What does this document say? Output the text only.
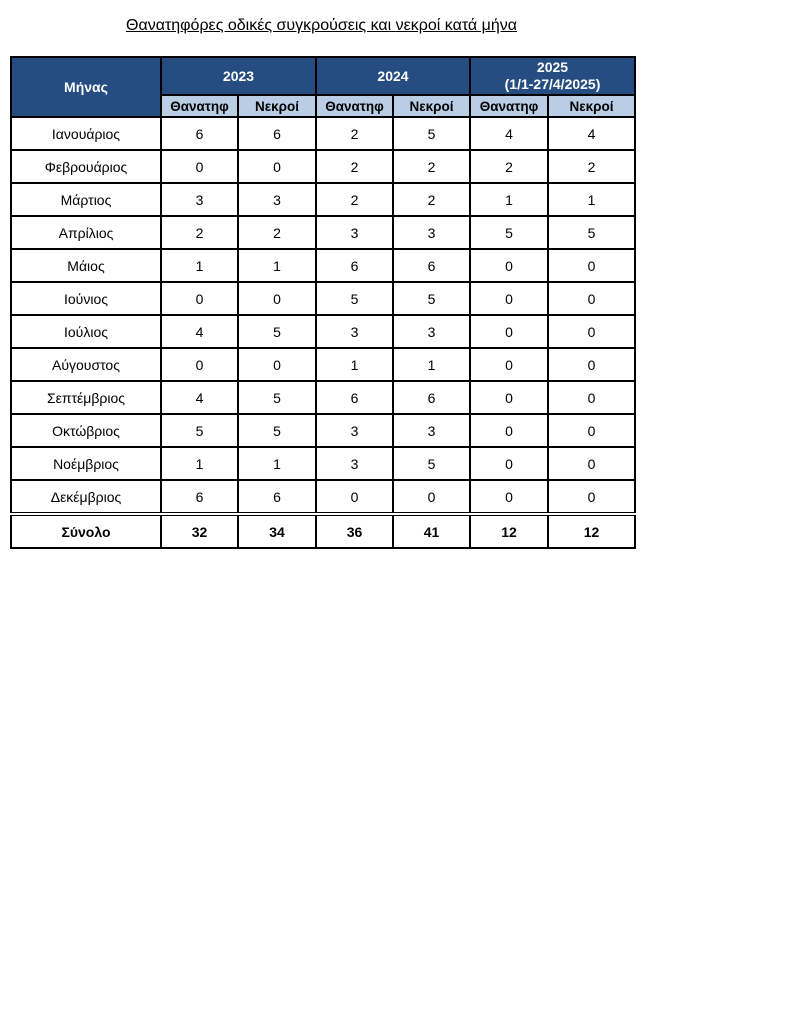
Θανατηφόρες οδικές συγκρούσεις και νεκροί κατά μήνα
Μήνας	2023		2024		2025
(1/1-27/4/2025)	
	Θανατηφ	Νεκροί	Θανατηφ	Νεκροί	Θανατηφ	Νεκροί
Ιανουάριος	6	6	2	5	4	4
Φεβρουάριος	0	0	2	2	2	2
Μάρτιος	3	3	2	2	1	1
Απρίλιος	2	2	3	3	5	5
Μάιος	1	1	6	6	0	0
Ιούνιος	0	0	5	5	0	0
Ιούλιος	4	5	3	3	0	0
Αύγουστος	0	0	1	1	0	0
Σεπτέμβριος	4	5	6	6	0	0
Οκτώβριος	5	5	3	3	0	0
Νοέμβριος	1	1	3	5	0	0
Δεκέμβριος	6	6	0	0	0	0
Σύνολο	32	34	36	41	12	12
